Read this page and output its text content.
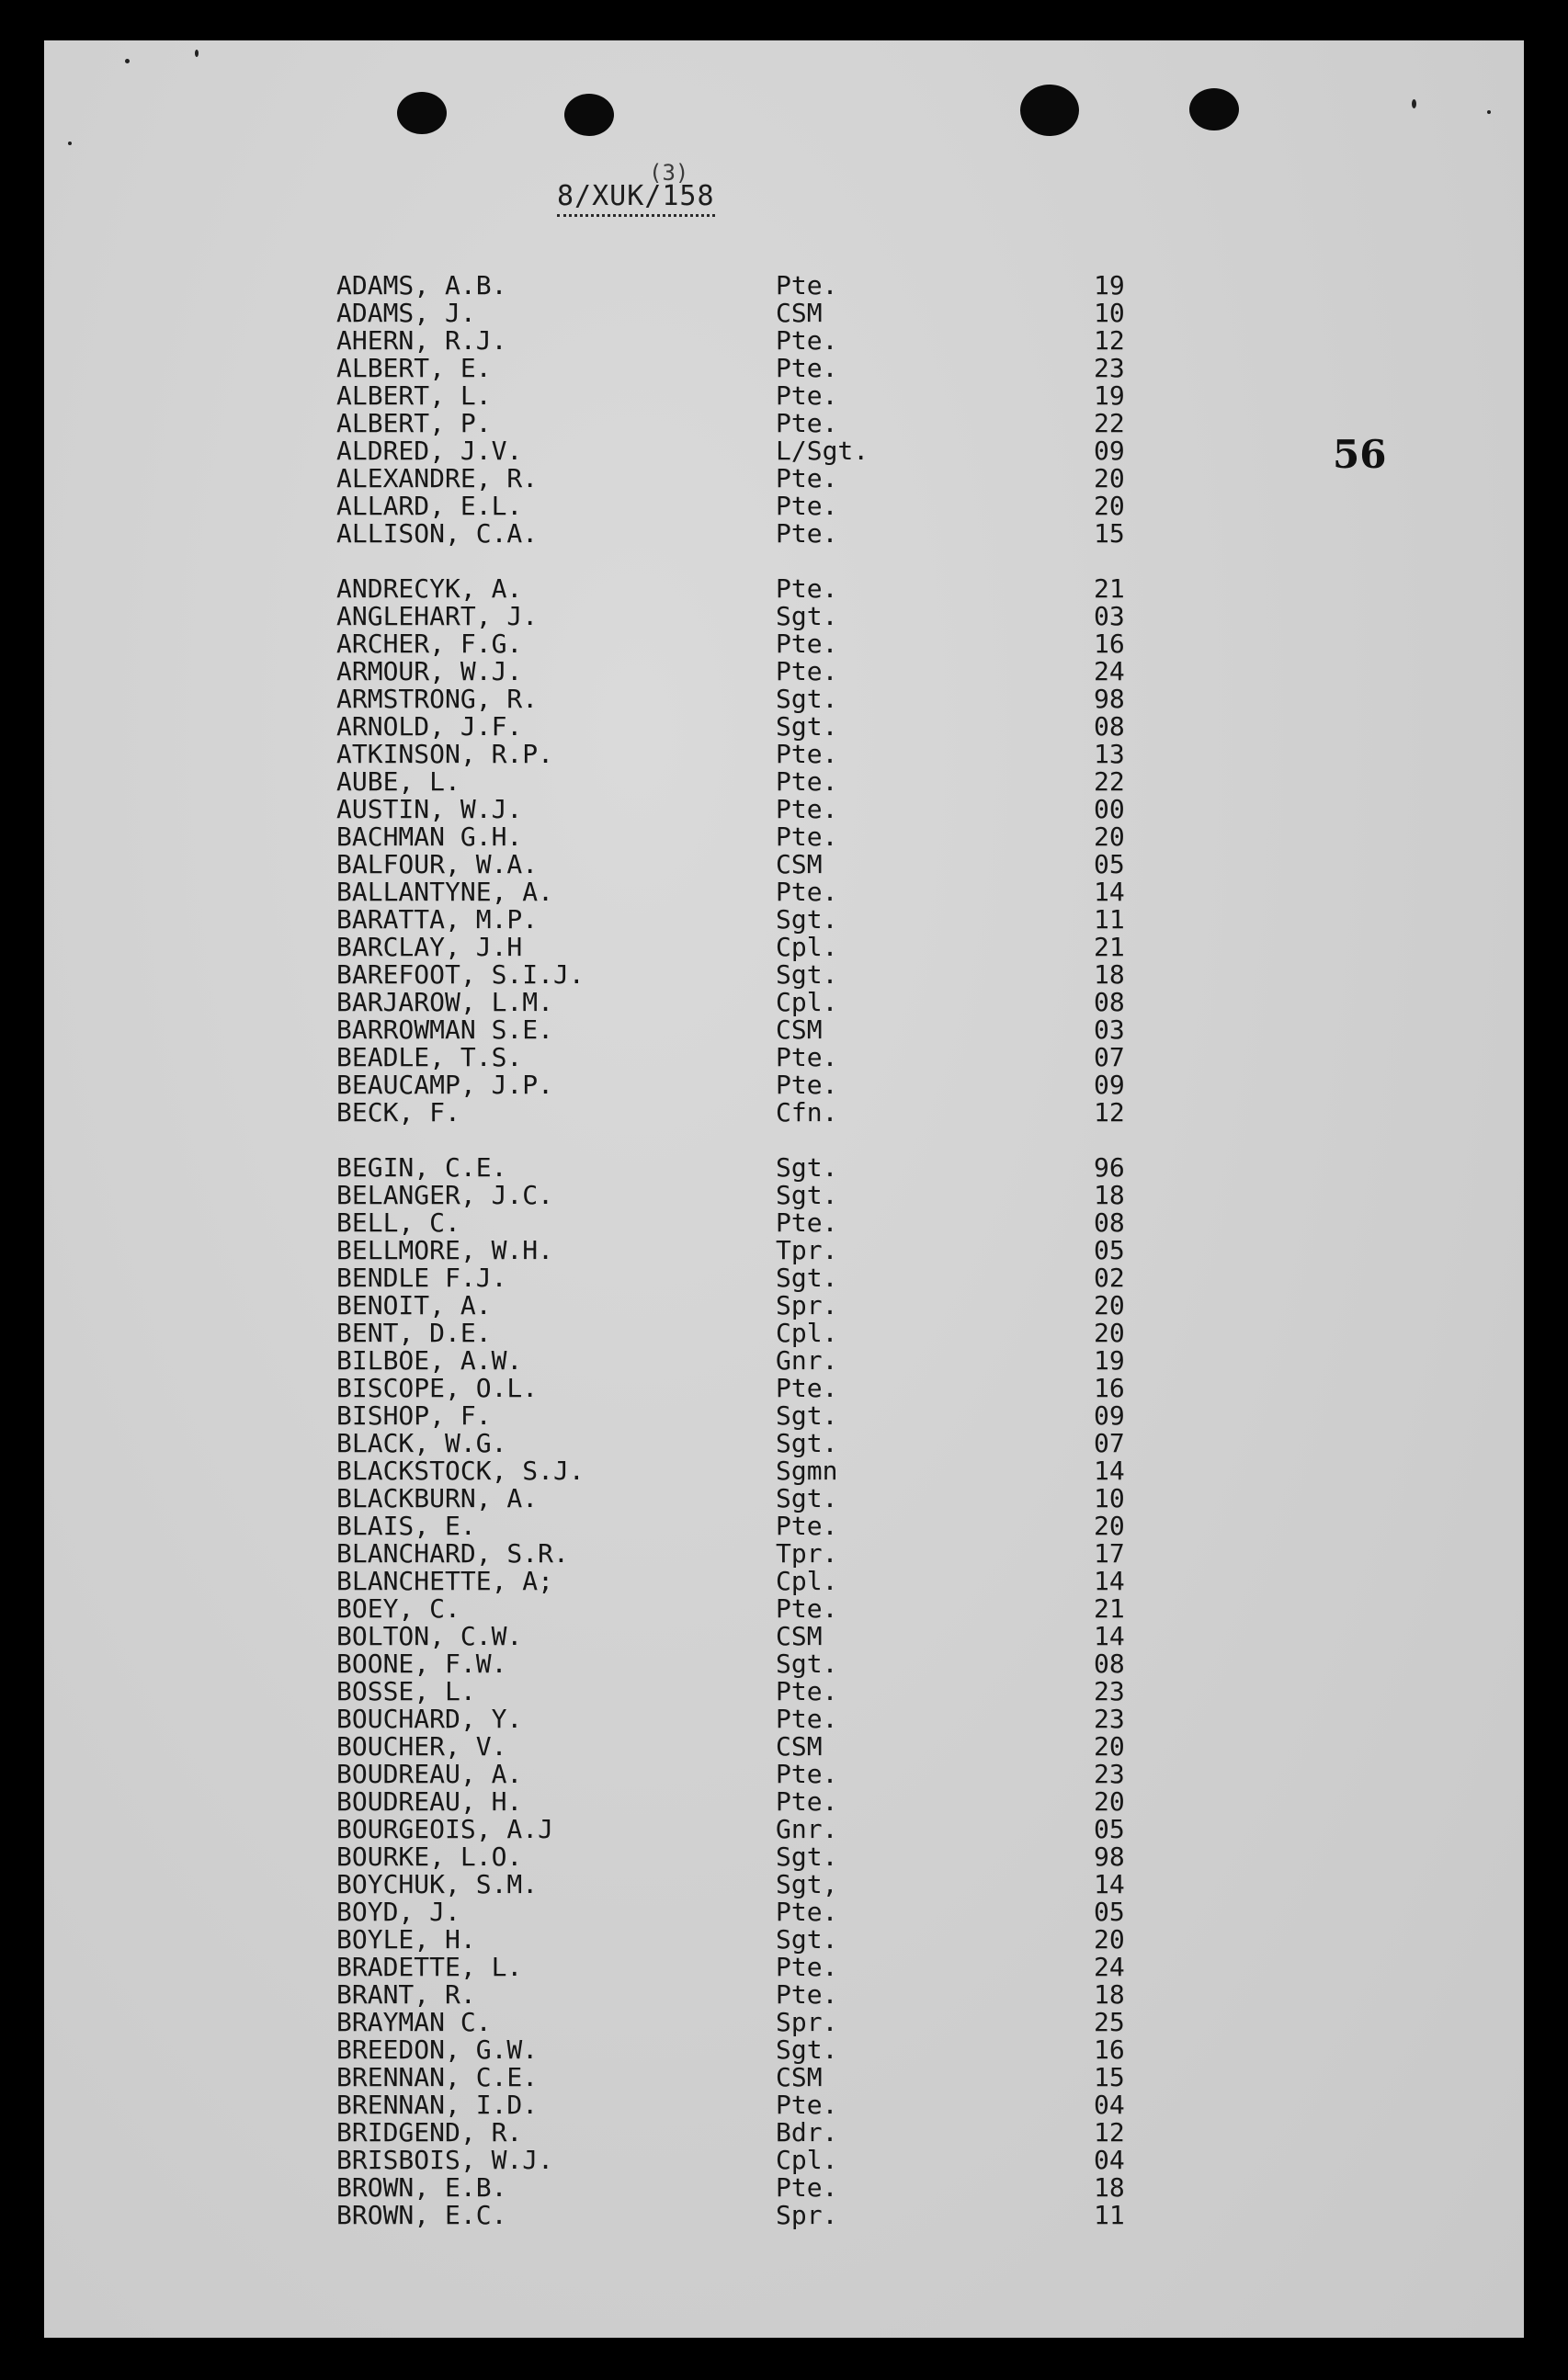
(3)
8/XUK/158
56
ADAMS, A.B.	Pte.	19
ADAMS, J.	CSM	10
AHERN, R.J.	Pte.	12
ALBERT, E.	Pte.	23
ALBERT, L.	Pte.	19
ALBERT, P.	Pte.	22
ALDRED, J.V.	L/Sgt.	09
ALEXANDRE, R.	Pte.	20
ALLARD, E.L.	Pte.	20
ALLISON, C.A.	Pte.	15
ANDRECYK, A.	Pte.	21
ANGLEHART, J.	Sgt.	03
ARCHER, F.G.	Pte.	16
ARMOUR, W.J.	Pte.	24
ARMSTRONG, R.	Sgt.	98
ARNOLD, J.F.	Sgt.	08
ATKINSON, R.P.	Pte.	13
AUBE, L.	Pte.	22
AUSTIN, W.J.	Pte.	00
BACHMAN G.H.	Pte.	20
BALFOUR, W.A.	CSM	05
BALLANTYNE, A.	Pte.	14
BARATTA, M.P.	Sgt.	11
BARCLAY, J.H	Cpl.	21
BAREFOOT, S.I.J.	Sgt.	18
BARJAROW, L.M.	Cpl.	08
BARROWMAN S.E.	CSM	03
BEADLE, T.S.	Pte.	07
BEAUCAMP, J.P.	Pte.	09
BECK, F.	Cfn.	12
BEGIN, C.E.	Sgt.	96
BELANGER, J.C.	Sgt.	18
BELL, C.	Pte.	08
BELLMORE, W.H.	Tpr.	05
BENDLE F.J.	Sgt.	02
BENOIT, A.	Spr.	20
BENT, D.E.	Cpl.	20
BILBOE, A.W.	Gnr.	19
BISCOPE, O.L.	Pte.	16
BISHOP, F.	Sgt.	09
BLACK, W.G.	Sgt.	07
BLACKSTOCK, S.J.	Sgmn	14
BLACKBURN, A.	Sgt.	10
BLAIS, E.	Pte.	20
BLANCHARD, S.R.	Tpr.	17
BLANCHETTE, A;	Cpl.	14
BOEY, C.	Pte.	21
BOLTON, C.W.	CSM	14
BOONE, F.W.	Sgt.	08
BOSSE, L.	Pte.	23
BOUCHARD, Y.	Pte.	23
BOUCHER, V.	CSM	20
BOUDREAU, A.	Pte.	23
BOUDREAU, H.	Pte.	20
BOURGEOIS, A.J	Gnr.	05
BOURKE, L.O.	Sgt.	98
BOYCHUK, S.M.	Sgt,	14
BOYD, J.	Pte.	05
BOYLE, H.	Sgt.	20
BRADETTE, L.	Pte.	24
BRANT, R.	Pte.	18
BRAYMAN C.	Spr.	25
BREEDON, G.W.	Sgt.	16
BRENNAN, C.E.	CSM	15
BRENNAN, I.D.	Pte.	04
BRIDGEND, R.	Bdr.	12
BRISBOIS, W.J.	Cpl.	04
BROWN, E.B.	Pte.	18
BROWN, E.C.	Spr.	11
